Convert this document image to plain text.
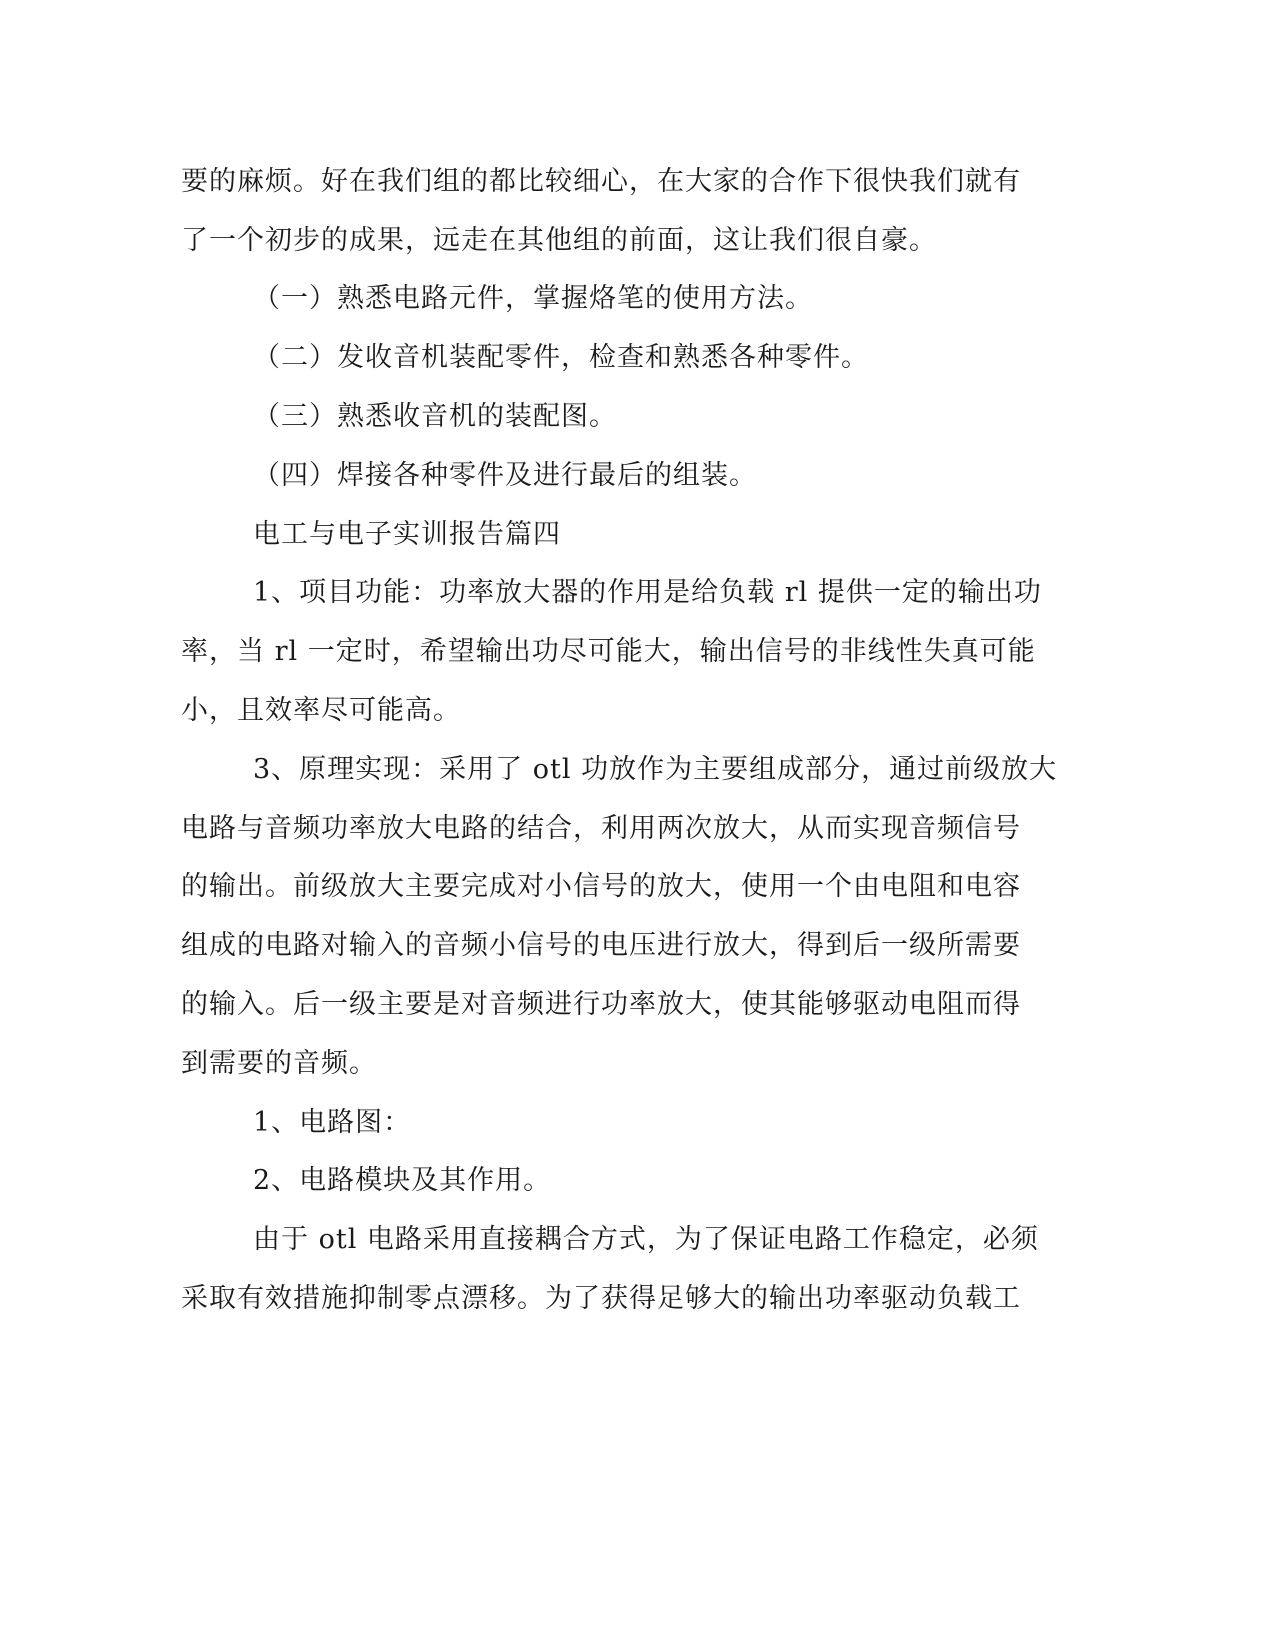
要的麻烦。好在我们组的都比较细心，在大家的合作下很快我们就有
了一个初步的成果，远走在其他组的前面，这让我们很自豪。
（一）熟悉电路元件，掌握烙笔的使用方法。
（二）发收音机装配零件，检查和熟悉各种零件。
（三）熟悉收音机的装配图。
（四）焊接各种零件及进行最后的组装。
电工与电子实训报告篇四
1、项目功能：功率放大器的作用是给负载 rl 提供一定的输出功
率，当 rl 一定时，希望输出功尽可能大，输出信号的非线性失真可能
小，且效率尽可能高。
3、原理实现：采用了 otl 功放作为主要组成部分，通过前级放大
电路与音频功率放大电路的结合，利用两次放大，从而实现音频信号
的输出。前级放大主要完成对小信号的放大，使用一个由电阻和电容
组成的电路对输入的音频小信号的电压进行放大，得到后一级所需要
的输入。后一级主要是对音频进行功率放大，使其能够驱动电阻而得
到需要的音频。
1、电路图：
2、电路模块及其作用。
由于 otl 电路采用直接耦合方式，为了保证电路工作稳定，必须
采取有效措施抑制零点漂移。为了获得足够大的输出功率驱动负载工
